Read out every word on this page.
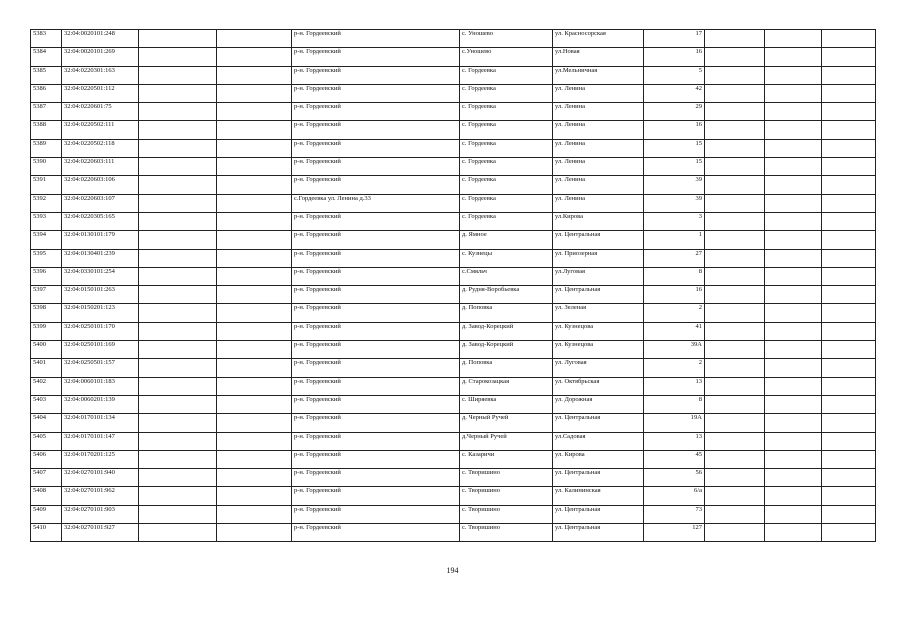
5383	32:04:0020101:248			р-н. Гордеевский	с. Уношево	ул. Красносорская	17			
5384	32:04:0020101:269			р-н. Гордеевский	с.Уношево	ул.Новая	16			
5385	32:04:0220301:163			р-н. Гордеевский	с. Гордеевка	ул.Мельничная	5			
5386	32:04:0220501:112			р-н. Гордеевский	с. Гордеевка	ул. Ленина	42			
5387	32:04:0220601:75			р-н. Гордеевский	с. Гордеевка	ул. Ленина	29			
5388	32:04:0220502:111			р-н. Гордеевский	с. Гордеевка	ул. Ленина	16			
5389	32:04:0220502:118			р-н. Гордеевский	с. Гордеевка	ул. Ленина	15			
5390	32:04:0220603:111			р-н. Гордеевский	с. Гордеевка	ул. Ленина	15			
5391	32:04:0220603:106			р-н. Гордеевский	с. Гордеевка	ул. Ленина	39			
5392	32:04:0220603:107			с.Гордеевка ул. Ленина д.33	с. Гордеевка	ул. Ленина	39			
5393	32:04:0220305:165			р-н. Гордеевский	с. Гордеевка	ул.Кирова	3			
5394	32:04:0130101:179			р-н. Гордеевский	д. Ямное	ул. Центральная	1			
5395	32:04:0130401:239			р-н. Гордеевский	с. Кузнецы	ул. Приозерная	27			
5396	32:04:0330101:254			р-н. Гордеевский	с.Смяльч	ул.Луговая	8			
5397	32:04:0150101:263			р-н. Гордеевский	д. Рудня-Воробьевка	ул. Центральная	16			
5398	32:04:0150201:123			р-н. Гордеевский	д. Поповка	ул. Зеленая	2			
5399	32:04:0250101:170			р-н. Гордеевский	д. Завод-Корецкий	ул. Кузнецова	41			
5400	32:04:0250101:169			р-н. Гордеевский	д. Завод-Корецкий	ул. Кузнецова	39А			
5401	32:04:0250501:157			р-н. Гордеевский	д. Поповка	ул. Луговая	2			
5402	32:04:0060101:183			р-н. Гордеевский	д. Старокозацкая	ул. Октябрьская	13			
5403	32:04:0060201:139			р-н. Гордеевский	с. Ширяевка	ул. Дорожная	8			
5404	32:04:0170101:134			р-н. Гордеевский	д. Черный Ручей	ул. Центральная	19А			
5405	32:04:0170101:147			р-н. Гордеевский	д.Черный Ручей	ул.Садовая	13			
5406	32:04:0170201:125			р-н. Гордеевский	с. Казаричи	ул. Кирова	45			
5407	32:04:0270101:940			р-н. Гордеевский	с. Творишино	ул. Центральная	56			
5408	32:04:0270101:962			р-н. Гордеевский	с. Творишино	ул. Калининская	6/а			
5409	32:04:0270101:903			р-н. Гордеевский	с. Творишино	ул. Центральная	73			
5410	32:04:0270101:927			р-н. Гордеевский	с. Творишино	ул. Центральная	127			
194
